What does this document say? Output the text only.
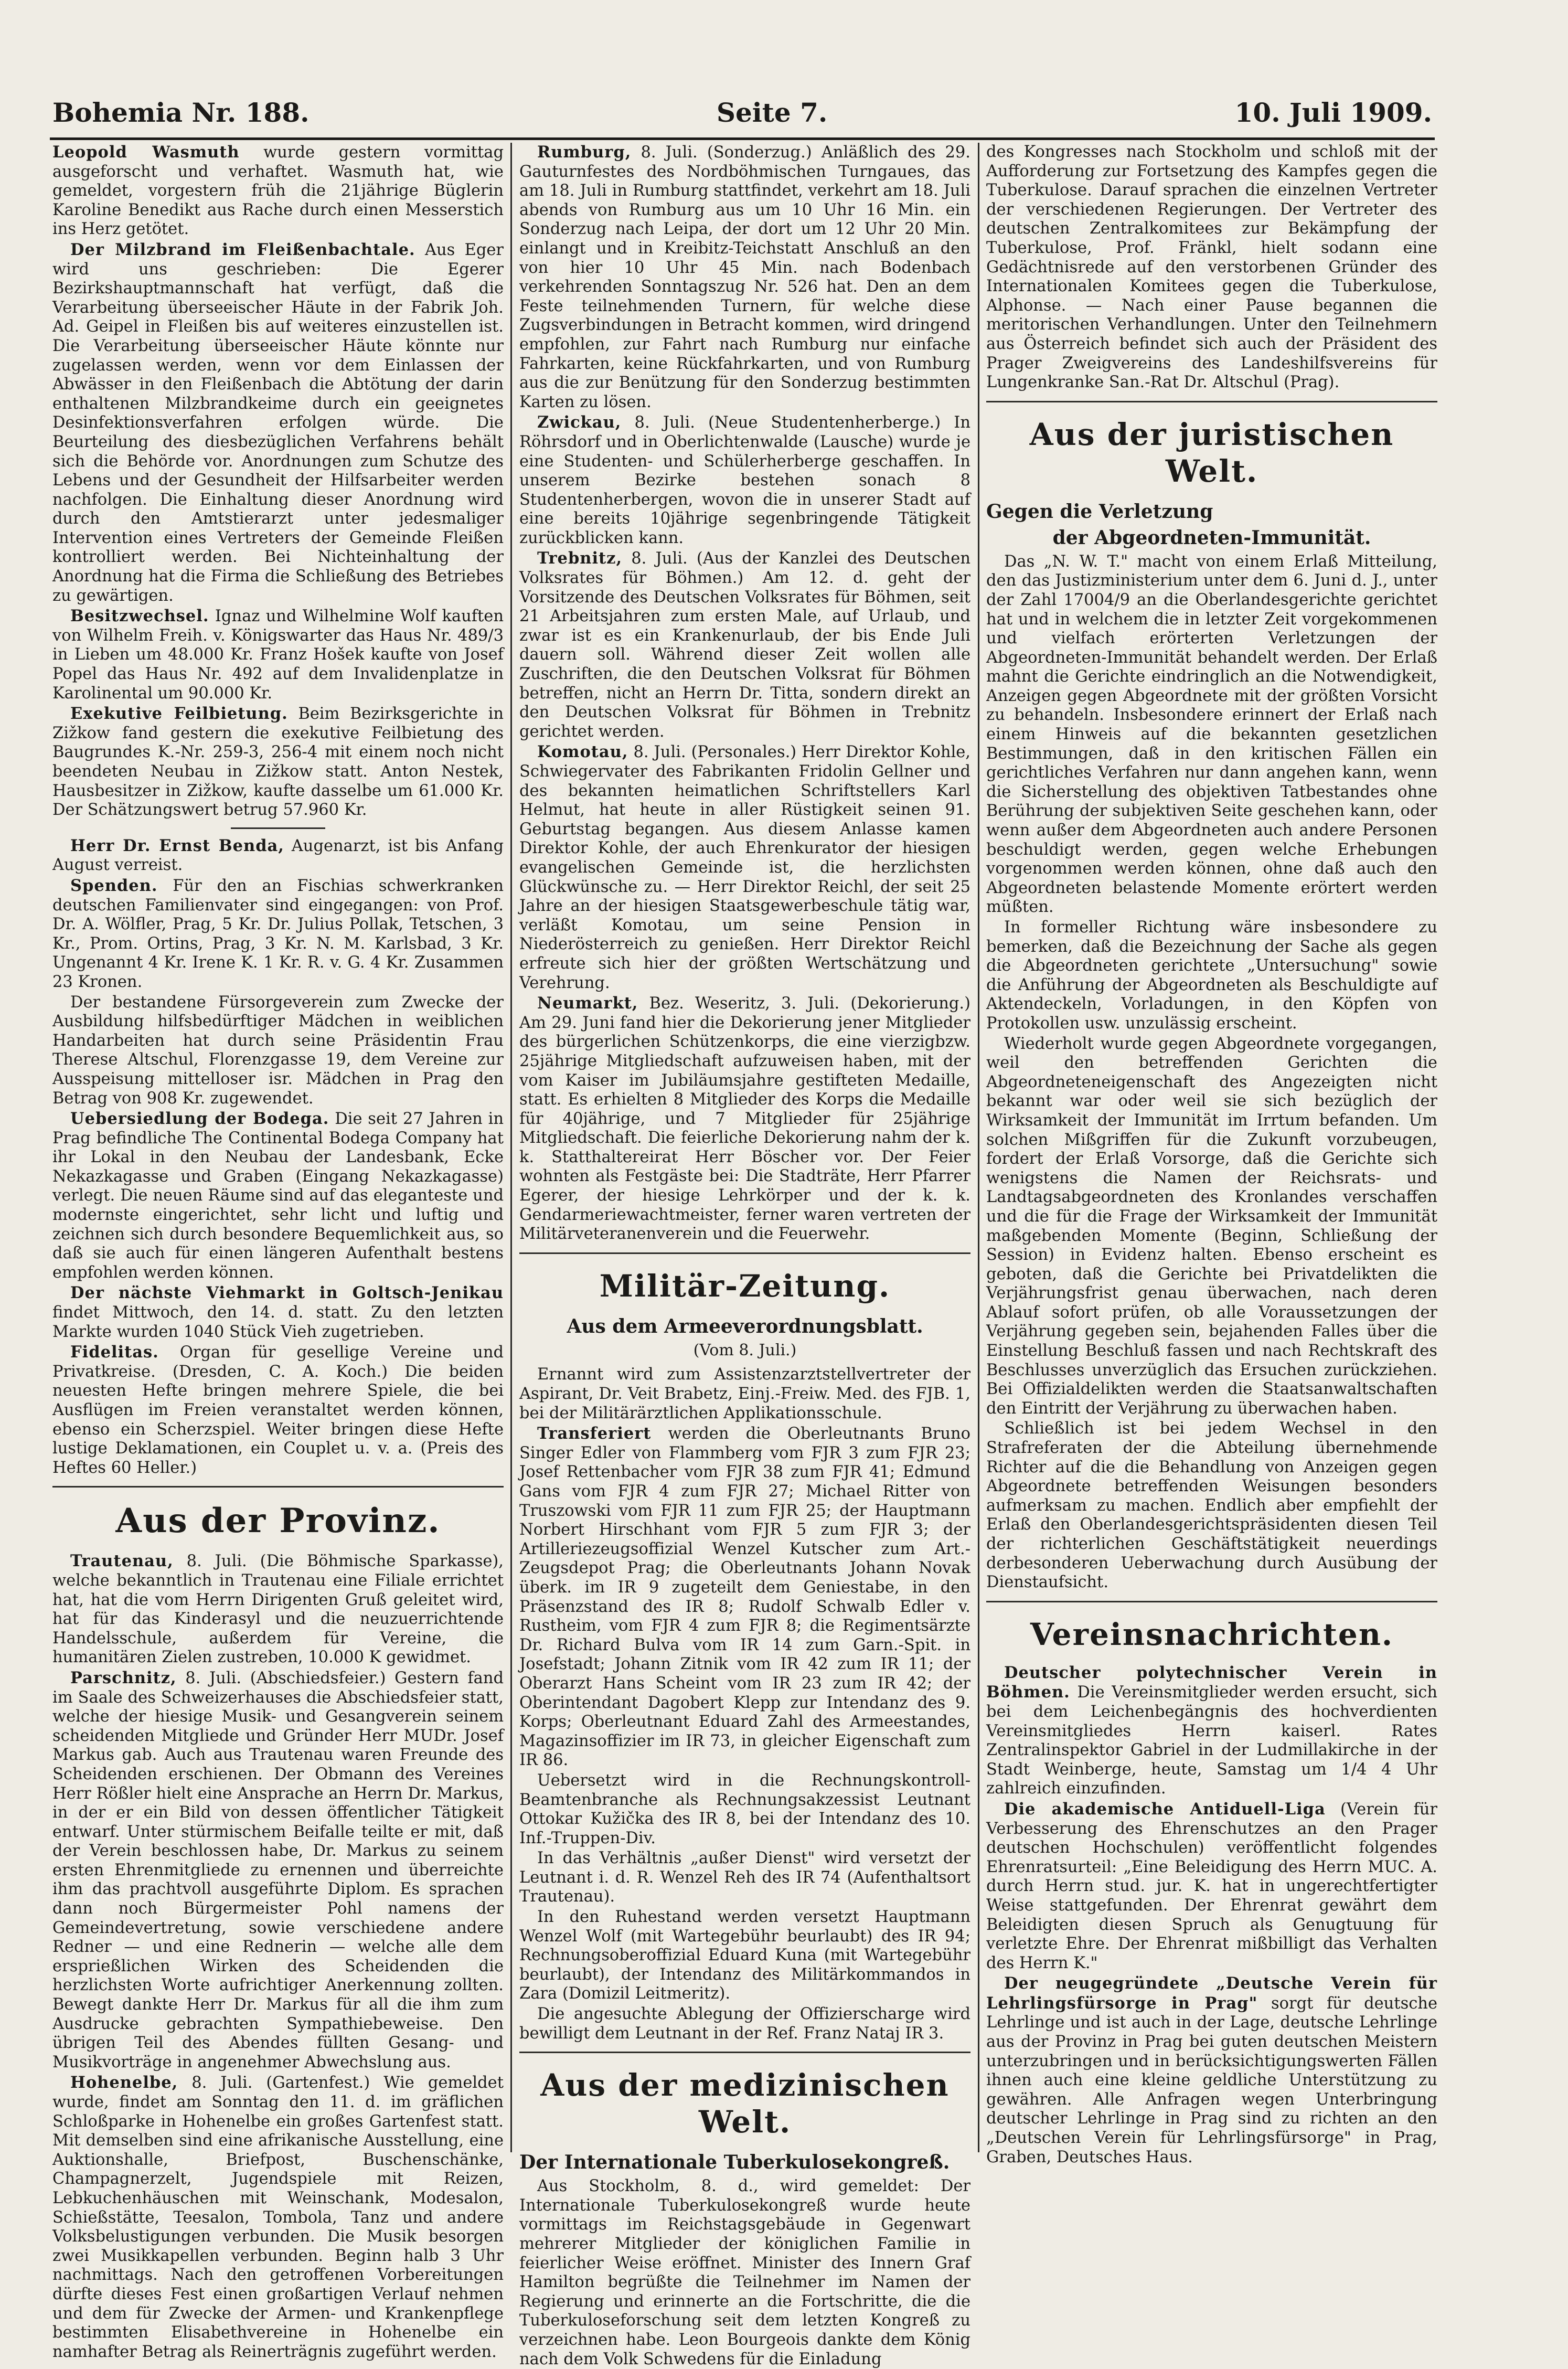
Bohemia Nr. 188.	Seite 7.	10. Juli 1909.

Leopold Wasmuth wurde gestern vormittag ausgeforscht und verhaftet. Wasmuth hat, wie gemeldet, vorgestern früh die 21jährige Büglerin Karoline Benedikt aus Rache durch einen Messerstich ins Herz getötet.

Der Milzbrand im Fleißenbachtale. Aus Eger wird uns geschrieben: Die Egerer Bezirkshauptmannschaft hat verfügt, daß die Verarbeitung überseeischer Häute in der Fabrik Joh. Ad. Geipel in Fleißen bis auf weiteres einzustellen ist. Die Verarbeitung überseeischer Häute könnte nur zugelassen werden, wenn vor dem Einlassen der Abwässer in den Fleißenbach die Abtötung der darin enthaltenen Milzbrandkeime durch ein geeignetes Desinfektionsverfahren erfolgen würde. Die Beurteilung des diesbezüglichen Verfahrens behält sich die Behörde vor. Anordnungen zum Schutze des Lebens und der Gesundheit der Hilfsarbeiter werden nachfolgen. Die Einhaltung dieser Anordnung wird durch den Amtstierarzt unter jedesmaliger Intervention eines Vertreters der Gemeinde Fleißen kontrolliert werden. Bei Nichteinhaltung der Anordnung hat die Firma die Schließung des Betriebes zu gewärtigen.

Besitzwechsel. Ignaz und Wilhelmine Wolf kauften von Wilhelm Freih. v. Königswarter das Haus Nr. 489/3 in Lieben um 48.000 Kr. Franz Hošek kaufte von Josef Popel das Haus Nr. 492 auf dem Invalidenplatze in Karolinental um 90.000 Kr.

Exekutive Feilbietung. Beim Bezirksgerichte in Zižkow fand gestern die exekutive Feilbietung des Baugrundes K.-Nr. 259-3, 256-4 mit einem noch nicht beendeten Neubau in Zižkow statt. Anton Nestek, Hausbesitzer in Zižkow, kaufte dasselbe um 61.000 Kr. Der Schätzungswert betrug 57.960 Kr.

Herr Dr. Ernst Benda, Augenarzt, ist bis Anfang August verreist.

Spenden. Für den an Fischias schwerkranken deutschen Familienvater sind eingegangen: von Prof. Dr. A. Wölfler, Prag, 5 Kr. Dr. Julius Pollak, Tetschen, 3 Kr., Prom. Ortins, Prag, 3 Kr. N. M. Karlsbad, 3 Kr. Ungenannt 4 Kr. Irene K. 1 Kr. R. v. G. 4 Kr. Zusammen 23 Kronen.

Der bestandene Fürsorgeverein zum Zwecke der Ausbildung hilfsbedürftiger Mädchen in weiblichen Handarbeiten hat durch seine Präsidentin Frau Therese Altschul, Florenzgasse 19, dem Vereine zur Ausspeisung mittelloser isr. Mädchen in Prag den Betrag von 908 Kr. zugewendet.

Uebersiedlung der Bodega. Die seit 27 Jahren in Prag befindliche The Continental Bodega Company hat ihr Lokal in den Neubau der Landesbank, Ecke Nekazkagasse und Graben (Eingang Nekazkagasse) verlegt. Die neuen Räume sind auf das eleganteste und modernste eingerichtet, sehr licht und luftig und zeichnen sich durch besondere Bequemlichkeit aus, so daß sie auch für einen längeren Aufenthalt bestens empfohlen werden können.

Der nächste Viehmarkt in Goltsch-Jenikau findet Mittwoch, den 14. d. statt. Zu den letzten Markte wurden 1040 Stück Vieh zugetrieben.

Fidelitas. Organ für gesellige Vereine und Privatkreise. (Dresden, C. A. Koch.) Die beiden neuesten Hefte bringen mehrere Spiele, die bei Ausflügen im Freien veranstaltet werden können, ebenso ein Scherzspiel. Weiter bringen diese Hefte lustige Deklamationen, ein Couplet u. v. a. (Preis des Heftes 60 Heller.)

Aus der Provinz.

Trautenau, 8. Juli. (Die Böhmische Sparkasse), welche bekanntlich in Trautenau eine Filiale errichtet hat, hat die vom Herrn Dirigenten Gruß geleitet wird, hat für das Kinderasyl und die neuzuerrichtende Handelsschule, außerdem für Vereine, die humanitären Zielen zustreben, 10.000 K gewidmet.

Parschnitz, 8. Juli. (Abschiedsfeier.) Gestern fand im Saale des Schweizerhauses die Abschiedsfeier statt, welche der hiesige Musik- und Gesangverein seinem scheidenden Mitgliede und Gründer Herr MUDr. Josef Markus gab. Auch aus Trautenau waren Freunde des Scheidenden erschienen. Der Obmann des Vereines Herr Rößler hielt eine Ansprache an Herrn Dr. Markus, in der er ein Bild von dessen öffentlicher Tätigkeit entwarf. Unter stürmischem Beifalle teilte er mit, daß der Verein beschlossen habe, Dr. Markus zu seinem ersten Ehrenmitgliede zu ernennen und überreichte ihm das prachtvoll ausgeführte Diplom. Es sprachen dann noch Bürgermeister Pohl namens der Gemeindevertretung, sowie verschiedene andere Redner — und eine Rednerin — welche alle dem ersprießlichen Wirken des Scheidenden die herzlichsten Worte aufrichtiger Anerkennung zollten. Bewegt dankte Herr Dr. Markus für all die ihm zum Ausdrucke gebrachten Sympathiebeweise. Den übrigen Teil des Abendes füllten Gesang- und Musikvorträge in angenehmer Abwechslung aus.

Hohenelbe, 8. Juli. (Gartenfest.) Wie gemeldet wurde, findet am Sonntag den 11. d. im gräflichen Schloßparke in Hohenelbe ein großes Gartenfest statt. Mit demselben sind eine afrikanische Ausstellung, eine Auktionshalle, Briefpost, Buschenschänke, Champagnerzelt, Jugendspiele mit Reizen, Lebkuchenhäuschen mit Weinschank, Modesalon, Schießstätte, Teesalon, Tombola, Tanz und andere Volksbelustigungen verbunden. Die Musik besorgen zwei Musikkapellen verbunden. Beginn halb 3 Uhr nachmittags. Nach den getroffenen Vorbereitungen dürfte dieses Fest einen großartigen Verlauf nehmen und dem für Zwecke der Armen- und Krankenpflege bestimmten Elisabethvereine in Hohenelbe ein namhafter Betrag als Reinerträgnis zugeführt werden.

Rumburg, 8. Juli. (Sonderzug.) Anläßlich des 29. Gauturnfestes des Nordböhmischen Turngaues, das am 18. Juli in Rumburg stattfindet, verkehrt am 18. Juli abends von Rumburg aus um 10 Uhr 16 Min. ein Sonderzug nach Leipa, der dort um 12 Uhr 20 Min. einlangt und in Kreibitz-Teichstatt Anschluß an den von hier 10 Uhr 45 Min. nach Bodenbach verkehrenden Sonntagszug Nr. 526 hat. Den an dem Feste teilnehmenden Turnern, für welche diese Zugsverbindungen in Betracht kommen, wird dringend empfohlen, zur Fahrt nach Rumburg nur einfache Fahrkarten, keine Rückfahrkarten, und von Rumburg aus die zur Benützung für den Sonderzug bestimmten Karten zu lösen.

Zwickau, 8. Juli. (Neue Studentenherberge.) In Röhrsdorf und in Oberlichtenwalde (Lausche) wurde je eine Studenten- und Schülerherberge geschaffen. In unserem Bezirke bestehen sonach 8 Studentenherbergen, wovon die in unserer Stadt auf eine bereits 10jährige segenbringende Tätigkeit zurückblicken kann.

Trebnitz, 8. Juli. (Aus der Kanzlei des Deutschen Volksrates für Böhmen.) Am 12. d. geht der Vorsitzende des Deutschen Volksrates für Böhmen, seit 21 Arbeitsjahren zum ersten Male, auf Urlaub, und zwar ist es ein Krankenurlaub, der bis Ende Juli dauern soll. Während dieser Zeit wollen alle Zuschriften, die den Deutschen Volksrat für Böhmen betreffen, nicht an Herrn Dr. Titta, sondern direkt an den Deutschen Volksrat für Böhmen in Trebnitz gerichtet werden.

Komotau, 8. Juli. (Personales.) Herr Direktor Kohle, Schwiegervater des Fabrikanten Fridolin Gellner und des bekannten heimatlichen Schriftstellers Karl Helmut, hat heute in aller Rüstigkeit seinen 91. Geburtstag begangen. Aus diesem Anlasse kamen Direktor Kohle, der auch Ehrenkurator der hiesigen evangelischen Gemeinde ist, die herzlichsten Glückwünsche zu. — Herr Direktor Reichl, der seit 25 Jahre an der hiesigen Staatsgewerbeschule tätig war, verläßt Komotau, um seine Pension in Niederösterreich zu genießen. Herr Direktor Reichl erfreute sich hier der größten Wertschätzung und Verehrung.

Neumarkt, Bez. Weseritz, 3. Juli. (Dekorierung.) Am 29. Juni fand hier die Dekorierung jener Mitglieder des bürgerlichen Schützenkorps, die eine vierzigbzw. 25jährige Mitgliedschaft aufzuweisen haben, mit der vom Kaiser im Jubiläumsjahre gestifteten Medaille, statt. Es erhielten 8 Mitglieder des Korps die Medaille für 40jährige, und 7 Mitglieder für 25jährige Mitgliedschaft. Die feierliche Dekorierung nahm der k. k. Statthaltereirat Herr Böscher vor. Der Feier wohnten als Festgäste bei: Die Stadträte, Herr Pfarrer Egerer, der hiesige Lehrkörper und der k. k. Gendarmeriewachtmeister, ferner waren vertreten der Militärveteranenverein und die Feuerwehr.

Militär-Zeitung.
Aus dem Armeeverordnungsblatt.
(Vom 8. Juli.)

Ernannt wird zum Assistenzarztstellvertreter der Aspirant, Dr. Veit Brabetz, Einj.-Freiw. Med. des FJB. 1, bei der Militärärztlichen Applikationsschule.

Transferiert werden die Oberleutnants Bruno Singer Edler von Flammberg vom FJR 3 zum FJR 23; Josef Rettenbacher vom FJR 38 zum FJR 41; Edmund Gans vom FJR 4 zum FJR 27; Michael Ritter von Truszowski vom FJR 11 zum FJR 25; der Hauptmann Norbert Hirschhant vom FJR 5 zum FJR 3; der Artilleriezeugsoffizial Wenzel Kutscher zum Art.-Zeugsdepot Prag; die Oberleutnants Johann Novak überk. im IR 9 zugeteilt dem Geniestabe, in den Präsenzstand des IR 8; Rudolf Schwalb Edler v. Rustheim, vom FJR 4 zum FJR 8; die Regimentsärzte Dr. Richard Bulva vom IR 14 zum Garn.-Spit. in Josefstadt; Johann Zitnik vom IR 42 zum IR 11; der Oberarzt Hans Scheint vom IR 23 zum IR 42; der Oberintendant Dagobert Klepp zur Intendanz des 9. Korps; Oberleutnant Eduard Zahl des Armeestandes, Magazinsoffizier im IR 73, in gleicher Eigenschaft zum IR 86.

Uebersetzt wird in die Rechnungskontroll-Beamtenbranche als Rechnungsakzessist Leutnant Ottokar Kužička des IR 8, bei der Intendanz des 10. Inf.-Truppen-Div.

In das Verhältnis „außer Dienst" wird versetzt der Leutnant i. d. R. Wenzel Reh des IR 74 (Aufenthaltsort Trautenau).

In den Ruhestand werden versetzt Hauptmann Wenzel Wolf (mit Wartegebühr beurlaubt) des IR 94; Rechnungsoberoffizial Eduard Kuna (mit Wartegebühr beurlaubt), der Intendanz des Militärkommandos in Zara (Domizil Leitmeritz).

Die angesuchte Ablegung der Offizierscharge wird bewilligt dem Leutnant in der Ref. Franz Nataj IR 3.

Aus der medizinischen Welt.
Der Internationale Tuberkulosekongreß.

Aus Stockholm, 8. d., wird gemeldet: Der Internationale Tuberkulosekongreß wurde heute vormittags im Reichstagsgebäude in Gegenwart mehrerer Mitglieder der königlichen Familie in feierlicher Weise eröffnet. Minister des Innern Graf Hamilton begrüßte die Teilnehmer im Namen der Regierung und erinnerte an die Fortschritte, die die Tuberkuloseforschung seit dem letzten Kongreß zu verzeichnen habe. Leon Bourgeois dankte dem König nach dem Volk Schwedens für die Einladung

des Kongresses nach Stockholm und schloß mit der Aufforderung zur Fortsetzung des Kampfes gegen die Tuberkulose. Darauf sprachen die einzelnen Vertreter der verschiedenen Regierungen. Der Vertreter des deutschen Zentralkomitees zur Bekämpfung der Tuberkulose, Prof. Fränkl, hielt sodann eine Gedächtnisrede auf den verstorbenen Gründer des Internationalen Komitees gegen die Tuberkulose, Alphonse. — Nach einer Pause begannen die meritorischen Verhandlungen. Unter den Teilnehmern aus Österreich befindet sich auch der Präsident des Prager Zweigvereins des Landeshilfsvereins für Lungenkranke San.-Rat Dr. Altschul (Prag).

Aus der juristischen Welt.
Gegen die Verletzung
der Abgeordneten-Immunität.

Das „N. W. T." macht von einem Erlaß Mitteilung, den das Justizministerium unter dem 6. Juni d. J., unter der Zahl 17004/9 an die Oberlandesgerichte gerichtet hat und in welchem die in letzter Zeit vorgekommenen und vielfach erörterten Verletzungen der Abgeordneten-Immunität behandelt werden. Der Erlaß mahnt die Gerichte eindringlich an die Notwendigkeit, Anzeigen gegen Abgeordnete mit der größten Vorsicht zu behandeln. Insbesondere erinnert der Erlaß nach einem Hinweis auf die bekannten gesetzlichen Bestimmungen, daß in den kritischen Fällen ein gerichtliches Verfahren nur dann angehen kann, wenn die Sicherstellung des objektiven Tatbestandes ohne Berührung der subjektiven Seite geschehen kann, oder wenn außer dem Abgeordneten auch andere Personen beschuldigt werden, gegen welche Erhebungen vorgenommen werden können, ohne daß auch den Abgeordneten belastende Momente erörtert werden müßten.

In formeller Richtung wäre insbesondere zu bemerken, daß die Bezeichnung der Sache als gegen die Abgeordneten gerichtete „Untersuchung" sowie die Anführung der Abgeordneten als Beschuldigte auf Aktendeckeln, Vorladungen, in den Köpfen von Protokollen usw. unzulässig erscheint.

Wiederholt wurde gegen Abgeordnete vorgegangen, weil den betreffenden Gerichten die Abgeordneteneigenschaft des Angezeigten nicht bekannt war oder weil sie sich bezüglich der Wirksamkeit der Immunität im Irrtum befanden. Um solchen Mißgriffen für die Zukunft vorzubeugen, fordert der Erlaß Vorsorge, daß die Gerichte sich wenigstens die Namen der Reichsrats- und Landtagsabgeordneten des Kronlandes verschaffen und die für die Frage der Wirksamkeit der Immunität maßgebenden Momente (Beginn, Schließung der Session) in Evidenz halten. Ebenso erscheint es geboten, daß die Gerichte bei Privatdelikten die Verjährungsfrist genau überwachen, nach deren Ablauf sofort prüfen, ob alle Voraussetzungen der Verjährung gegeben sein, bejahenden Falles über die Einstellung Beschluß fassen und nach Rechtskraft des Beschlusses unverzüglich das Ersuchen zurückziehen. Bei Offizialdelikten werden die Staatsanwaltschaften den Eintritt der Verjährung zu überwachen haben.

Schließlich ist bei jedem Wechsel in den Strafreferaten der die Abteilung übernehmende Richter auf die die Behandlung von Anzeigen gegen Abgeordnete betreffenden Weisungen besonders aufmerksam zu machen. Endlich aber empfiehlt der Erlaß den Oberlandesgerichtspräsidenten diesen Teil der richterlichen Geschäftstätigkeit neuerdings derbesonderen Ueberwachung durch Ausübung der Dienstaufsicht.

Vereinsnachrichten.

Deutscher polytechnischer Verein in Böhmen. Die Vereinsmitglieder werden ersucht, sich bei dem Leichenbegängnis des hochverdienten Vereinsmitgliedes Herrn kaiserl. Rates Zentralinspektor Gabriel in der Ludmillakirche in der Stadt Weinberge, heute, Samstag um 1/4 4 Uhr zahlreich einzufinden.

Die akademische Antiduell-Liga (Verein für Verbesserung des Ehrenschutzes an den Prager deutschen Hochschulen) veröffentlicht folgendes Ehrenratsurteil: „Eine Beleidigung des Herrn MUC. A. durch Herrn stud. jur. K. hat in ungerechtfertigter Weise stattgefunden. Der Ehrenrat gewährt dem Beleidigten diesen Spruch als Genugtuung für verletzte Ehre. Der Ehrenrat mißbilligt das Verhalten des Herrn K."

Der neugegründete „Deutsche Verein für Lehrlingsfürsorge in Prag" sorgt für deutsche Lehrlinge und ist auch in der Lage, deutsche Lehrlinge aus der Provinz in Prag bei guten deutschen Meistern unterzubringen und in berücksichtigungswerten Fällen ihnen auch eine kleine geldliche Unterstützung zu gewähren. Alle Anfragen wegen Unterbringung deutscher Lehrlinge in Prag sind zu richten an den „Deutschen Verein für Lehrlingsfürsorge" in Prag, Graben, Deutsches Haus.
